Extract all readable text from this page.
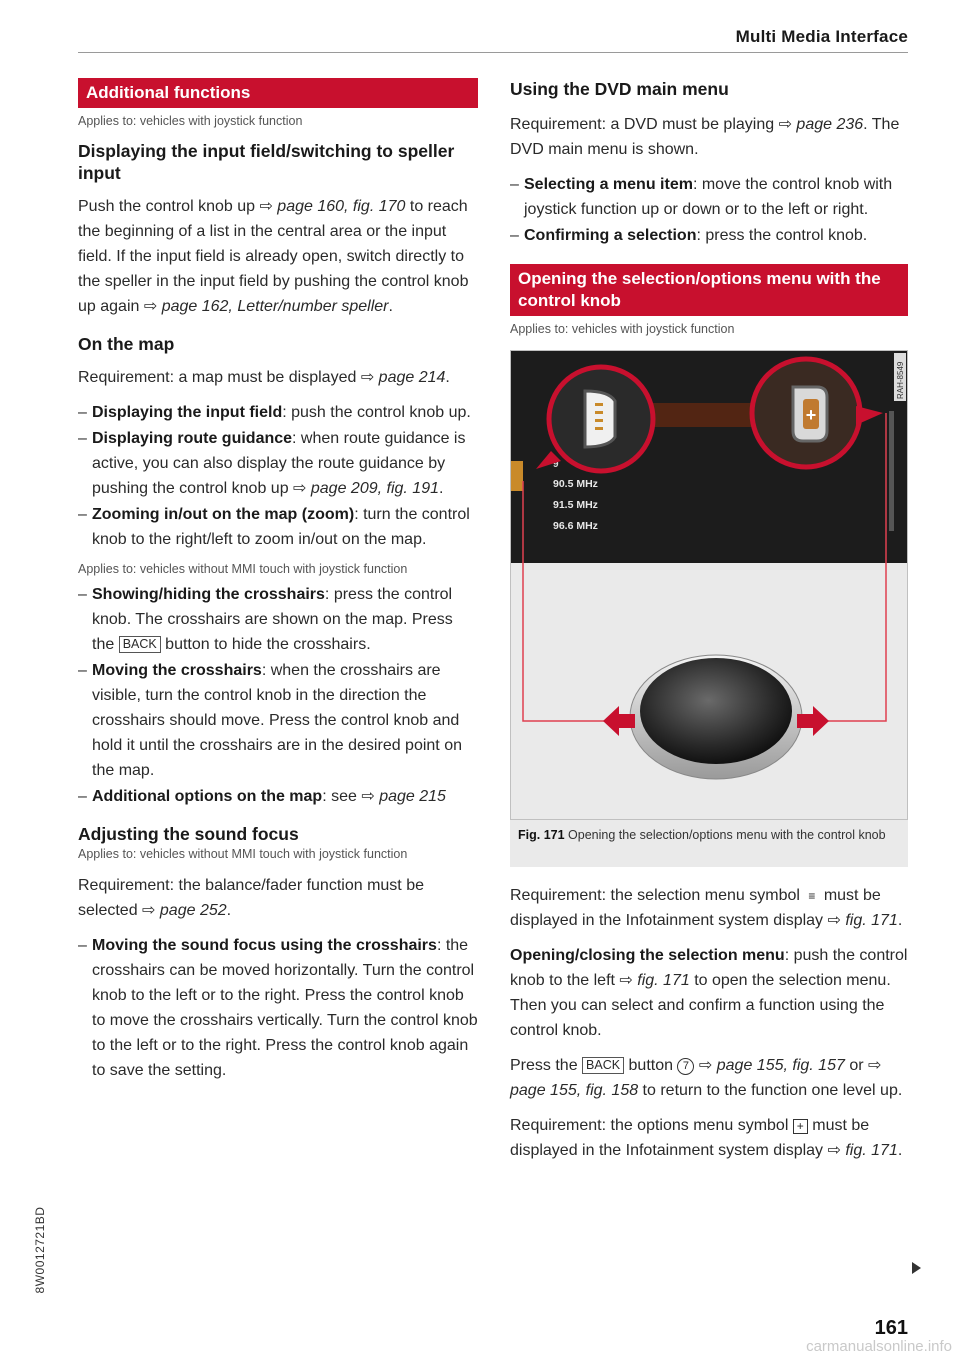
Multi Media Interface
Additional functions
Applies to: vehicles with joystick function
Displaying the input field/switching to speller input

Push the control knob up ⇨ page 160, fig. 170 to reach the beginning of a list in the central area or the input field. If the input field is already open, switch directly to the speller in the input field by pushing the control knob up again ⇨ page 162, Letter/number speller.

On the map

Requirement: a map must be displayed ⇨ page 214.

– Displaying the input field: push the control knob up.
– Displaying route guidance: when route guidance is active, you can also display the route guidance by pushing the control knob up ⇨ page 209, fig. 191.
– Zooming in/out on the map (zoom): turn the control knob to the right/left to zoom in/out on the map.
Applies to: vehicles without MMI touch with joystick function
– Showing/hiding the crosshairs: press the control knob. The crosshairs are shown on the map. Press the BACK button to hide the crosshairs.
– Moving the crosshairs: when the crosshairs are visible, turn the control knob in the direction the crosshairs should move. Press the control knob and hold it until the crosshairs are in the desired point on the map.
– Additional options on the map: see ⇨ page 215
Adjusting the sound focus
Applies to: vehicles without MMI touch with joystick function

Requirement: the balance/fader function must be selected ⇨ page 252.

– Moving the sound focus using the crosshairs: the crosshairs can be moved horizontally. Turn the control knob to the left or to the right. Press the control knob to move the crosshairs vertically. Turn the control knob to the left or to the right. Press the control knob again to save the setting.
Using the DVD main menu

Requirement: a DVD must be playing ⇨ page 236. The DVD main menu is shown.

– Selecting a menu item: move the control knob with joystick function up or down or to the left or right.
– Confirming a selection: press the control knob.
Opening the selection/options menu with the control knob
Applies to: vehicles with joystick function
9
90.5 MHz
91.5 MHz
96.6 MHz
RAH-8549
+
Fig. 171 Opening the selection/options menu with the control knob

Requirement: the selection menu symbol ≡ must be displayed in the Infotainment system display ⇨ fig. 171.

Opening/closing the selection menu: push the control knob to the left ⇨ fig. 171 to open the selection menu. Then you can select and confirm a function using the control knob.

Press the BACK button 7 ⇨ page 155, fig. 157 or ⇨ page 155, fig. 158 to return to the function one level up.

Requirement: the options menu symbol + must be displayed in the Infotainment system display ⇨ fig. 171.

8W0012721BD
161
carmanualsonline.info
